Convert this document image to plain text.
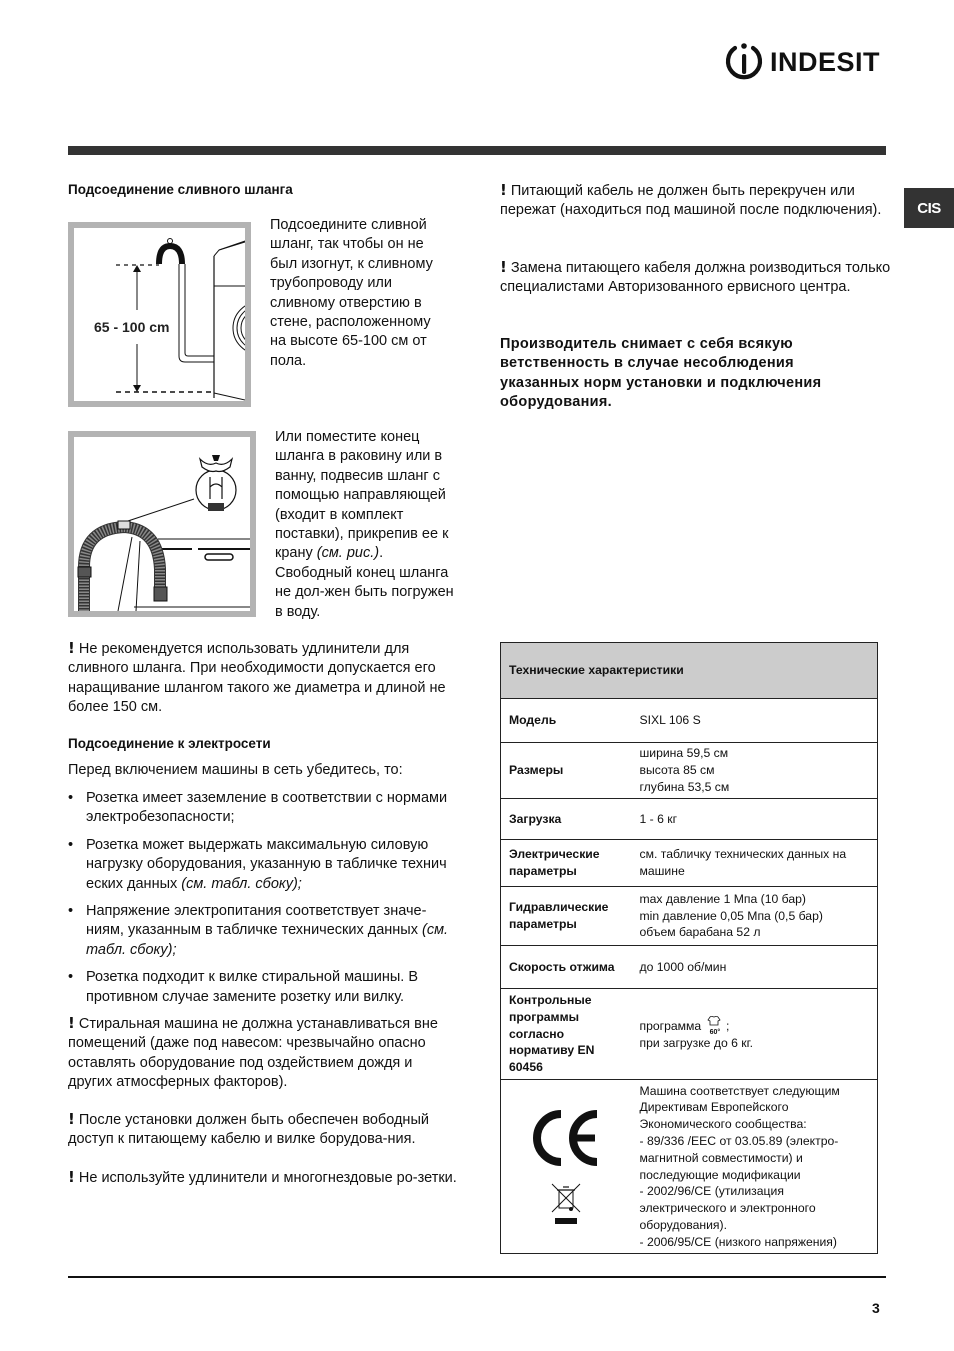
INDESIT
CIS
Подсоединение сливного шланга
65 - 100 cm
Подсоедините сливной шланг, так чтобы он не был изогнут, к сливному трубопроводу или сливному отверстию в стене, расположенному на высоте 65-100 см от пола.
Или поместите конец шланга в раковину или в ванну, подвесив шланг с помощью направляющей (входит в комплект поставки), прикрепив ее к крану (см. рис.). Свободный конец шланга не дол-жен быть погружен в воду.
! Не рекомендуется использовать удлинители для сливного шланга. При необходимости допускается его наращивание шлангом такого же диаметра и длиной не более 150 см.
Подсоединение к электросети
Перед включением машины в сеть убедитесь, то:
• Розетка имеет заземление в соответствии с нормами электробезопасности;
• Розетка может выдержать максимальную силовую нагрузку оборудования, указанную в табличке технич еских данных (см. табл. сбоку);
• Напряжение электропитания соответствует значе-ниям, указанным в табличке технических данных (см. табл. сбоку);
• Розетка подходит к вилке стиральной машины. В противном случае замените розетку или вилку.
! Стиральная машина не должна устанавливаться вне помещений (даже под навесом: чрезвычайно опасно оставлять оборудование под оздействием дождя и других атмосферных факторов).
! После установки должен быть обеспечен вободный доступ к питающему кабелю и вилке борудова-ния.
! Не используйте удлинители и многогнездовые ро-зетки.
! Питающий кабель не должен быть перекручен или пережат (находиться под машиной после подключения).
! Замена питающего кабеля должна роизводиться только специалистами Авторизованного ервисного центра.
Производитель снимает с себя всякую ветственность в случае несоблюдения указанных норм установки и подключения оборудования.
Технические характеристики	
Модель	SIXL 106 S
Размеры	ширина 59,5 см
высота 85 см
глубина 53,5 см

Загрузка	1 - 6 кг
Электрические параметры	см. табличку технических данных на машине
Гидравлические параметры	max давление 1 Мпа (10 бар)
min давление 0,05 Мпа (0,5 бар)
объем барабана 52 л

Скорость отжима	до 1000 об/мин
Контрольные программы согласно нормативу EN 60456	программа 60° ;
при загрузке до 6 кг.

Машина соответствует следующим Директивам Европейского Экономического сообщества:
- 89/336 /EEC от 03.05.89 (электро-магнитной совместимости) и последующие модификации
- 2002/96/CE (утилизация электрического и электронного оборудования).
- 2006/95/CE (низкого напряжения)
3
